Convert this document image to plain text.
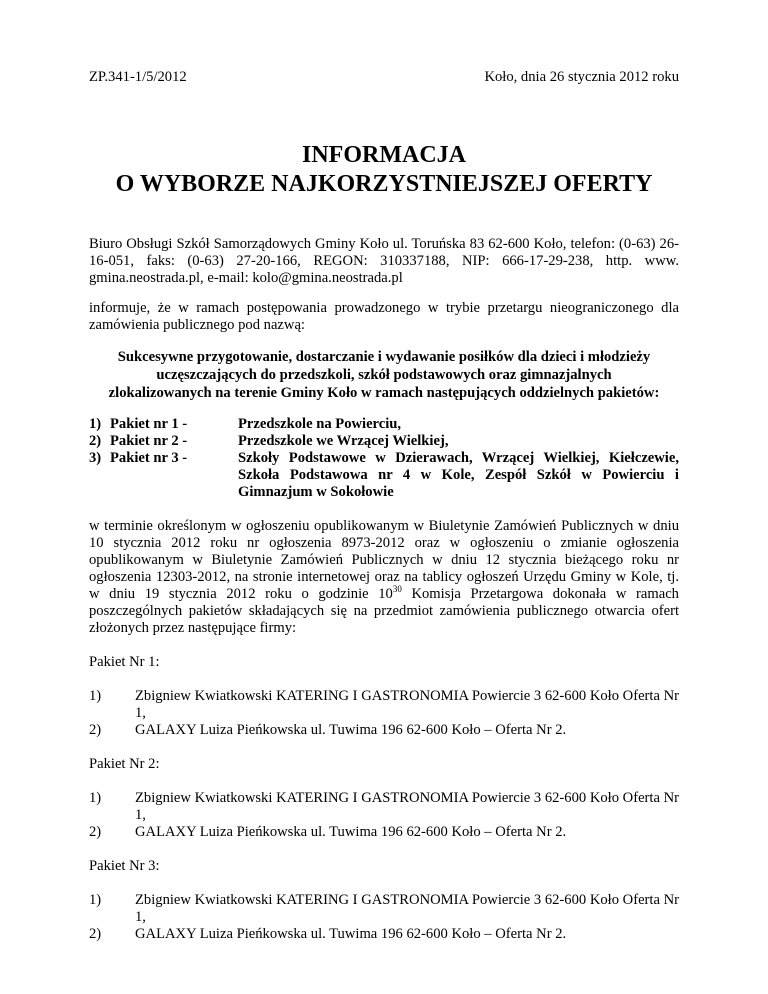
ZP.341-1/5/2012	Koło, dnia 26 stycznia 2012 roku
INFORMACJA
O WYBORZE NAJKORZYSTNIEJSZEJ OFERTY

Biuro Obsługi Szkół Samorządowych Gminy Koło ul. Toruńska 83 62-600 Koło, telefon: (0-63) 26-16-051, faks: (0-63) 27-20-166, REGON: 310337188, NIP: 666-17-29-238, http. www. gmina.neostrada.pl, e-mail: kolo@gmina.neostrada.pl

informuje, że w ramach postępowania prowadzonego w trybie przetargu nieograniczonego dla zamówienia publicznego pod nazwą:

Sukcesywne przygotowanie, dostarczanie i wydawanie posiłków dla dzieci i młodzieży
uczęszczających do przedszkoli, szkół podstawowych oraz gimnazjalnych
zlokalizowanych na terenie Gminy Koło w ramach następujących oddzielnych pakietów:
1) Pakiet nr 1 -	Przedszkole na Powierciu,
2) Pakiet nr 2 -	Przedszkole we Wrzącej Wielkiej,
3) Pakiet nr 3 -	Szkoły Podstawowe w Dzierawach, Wrzącej Wielkiej, Kiełczewie, Szkoła Podstawowa nr 4 w Kole, Zespół Szkół w Powierciu i Gimnazjum w Sokołowie

w terminie określonym w ogłoszeniu opublikowanym w Biuletynie Zamówień Publicznych w dniu 10 stycznia 2012 roku nr ogłoszenia 8973-2012 oraz w ogłoszeniu o zmianie ogłoszenia opublikowanym w Biuletynie Zamówień Publicznych w dniu 12 stycznia bieżącego roku nr ogłoszenia 12303-2012, na stronie internetowej oraz na tablicy ogłoszeń Urzędu Gminy w Kole, tj. w dniu 19 stycznia 2012 roku o godzinie $10^{30}$ Komisja Przetargowa dokonała w ramach poszczególnych pakietów składających się na przedmiot zamówienia publicznego otwarcia ofert złożonych przez następujące firmy:

Pakiet Nr 1:

1)	Zbigniew Kwiatkowski KATERING I GASTRONOMIA Powiercie 3 62-600 Koło Oferta Nr 1,
2)	GALAXY Luiza Pieńkowska ul. Tuwima 196 62-600 Koło – Oferta Nr 2.

Pakiet Nr 2:

1)	Zbigniew Kwiatkowski KATERING I GASTRONOMIA Powiercie 3 62-600 Koło Oferta Nr 1,
2)	GALAXY Luiza Pieńkowska ul. Tuwima 196 62-600 Koło – Oferta Nr 2.

Pakiet Nr 3:

1)	Zbigniew Kwiatkowski KATERING I GASTRONOMIA Powiercie 3 62-600 Koło Oferta Nr 1,
2)	GALAXY Luiza Pieńkowska ul. Tuwima 196 62-600 Koło – Oferta Nr 2.
